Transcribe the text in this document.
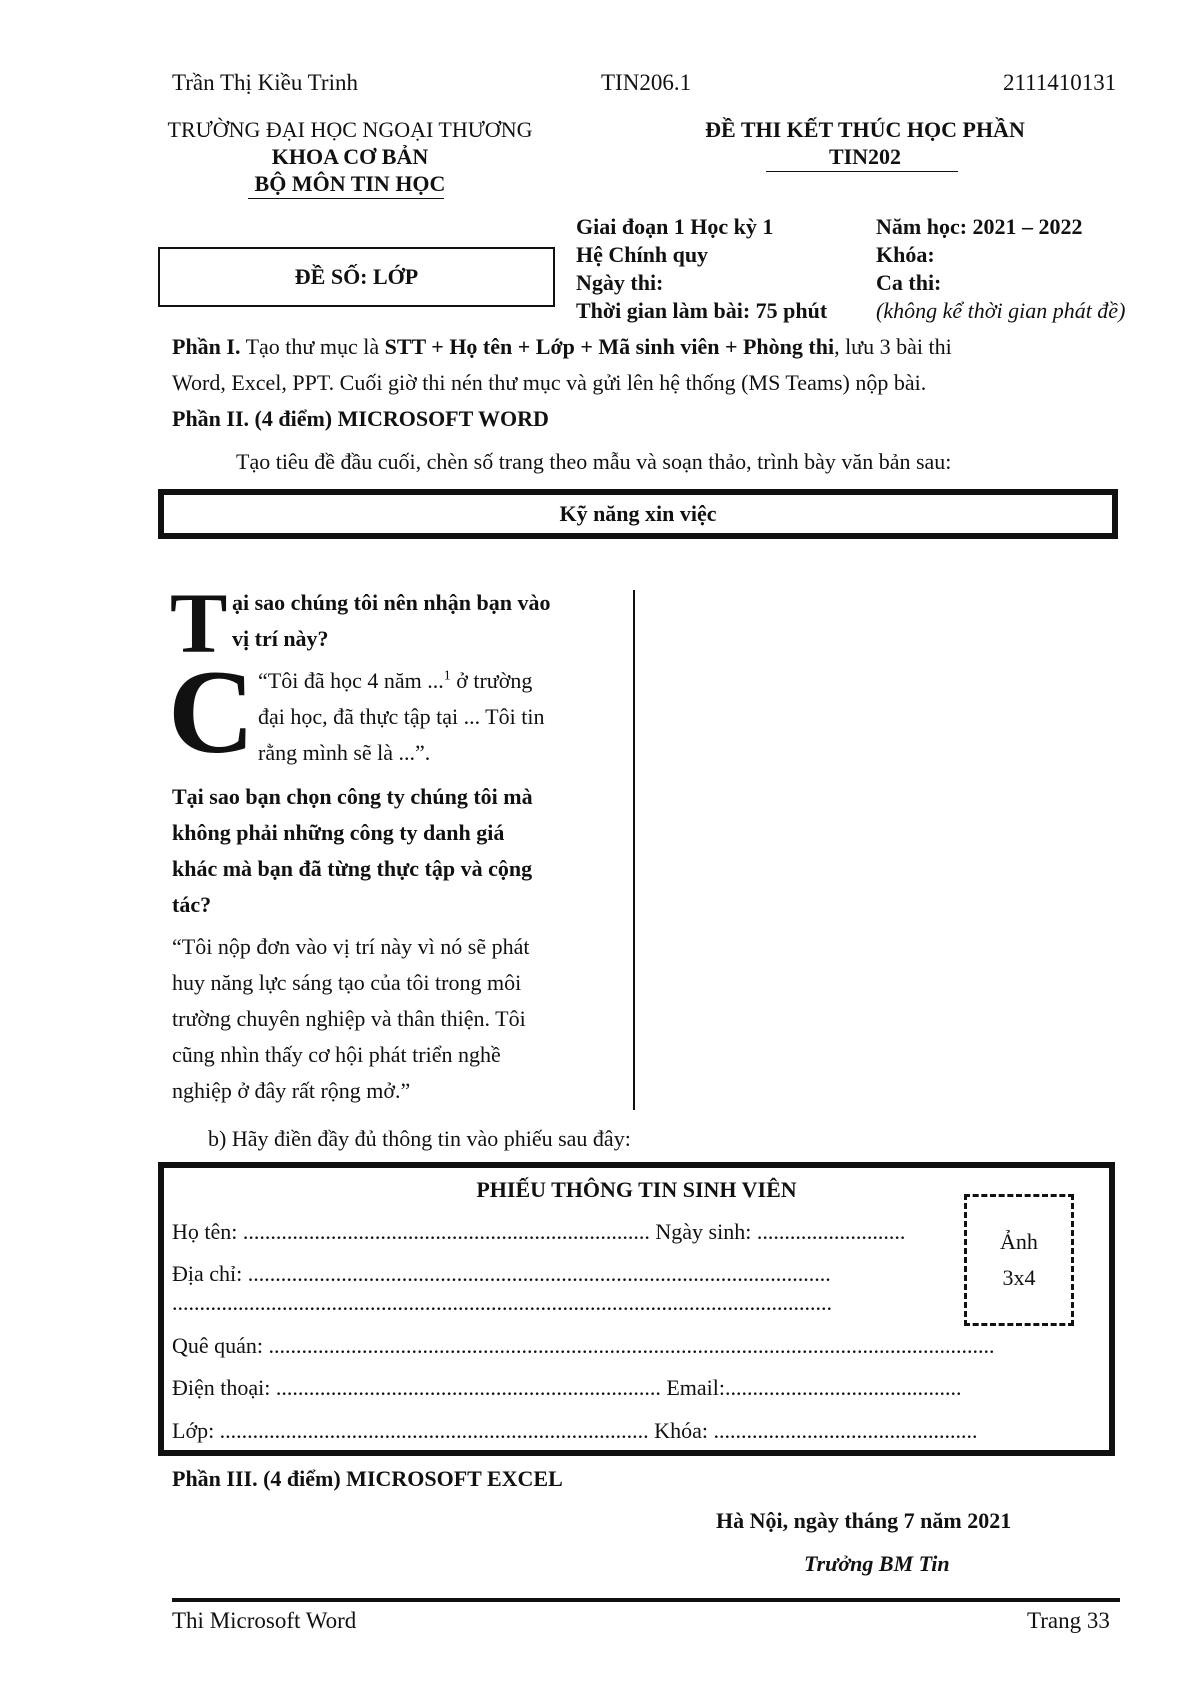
Trần Thị Kiều Trinh	TIN206.1	2111410131
TRƯỜNG ĐẠI HỌC NGOẠI THƯƠNG
KHOA CƠ BẢN
BỘ MÔN TIN HỌC
ĐỀ THI KẾT THÚC HỌC PHẦN
TIN202
ĐỀ SỐ: LỚP
Giai đoạn 1 Học kỳ 1	Năm học: 2021 – 2022
Hệ Chính quy	Khóa:
Ngày thi:	Ca thi:
Thời gian làm bài: 75 phút (không kể thời gian phát đề)
Phần I. Tạo thư mục là STT + Họ tên + Lớp + Mã sinh viên + Phòng thi, lưu 3 bài thi
Word, Excel, PPT. Cuối giờ thi nén thư mục và gửi lên hệ thống (MS Teams) nộp bài.
Phần II. (4 điểm) MICROSOFT WORD
Tạo tiêu đề đầu cuối, chèn số trang theo mẫu và soạn thảo, trình bày văn bản sau:
Kỹ năng xin việc
T ại sao chúng tôi nên nhận bạn vào
vị trí này?
C “Tôi đã học 4 năm ...$^1$ ở trường
đại học, đã thực tập tại ... Tôi tin
rằng mình sẽ là ...”.
Tại sao bạn chọn công ty chúng tôi mà
không phải những công ty danh giá
khác mà bạn đã từng thực tập và cộng
tác?
“Tôi nộp đơn vào vị trí này vì nó sẽ phát
huy năng lực sáng tạo của tôi trong môi
trường chuyên nghiệp và thân thiện. Tôi
cũng nhìn thấy cơ hội phát triển nghề
nghiệp ở đây rất rộng mở.”
b) Hãy điền đầy đủ thông tin vào phiếu sau đây:
PHIẾU THÔNG TIN SINH VIÊN
Họ tên: .......................................................................... Ngày sinh: ...........................
Địa chỉ: ..........................................................................................................
........................................................................................................................
Quê quán: ....................................................................................................................................
Điện thoại: ...................................................................... Email:...........................................
Lớp: .............................................................................. Khóa: ................................................
Ảnh
3x4
Phần III. (4 điểm) MICROSOFT EXCEL
Hà Nội, ngày tháng 7 năm 2021
Trưởng BM Tin
Thi Microsoft Word	Trang 33
